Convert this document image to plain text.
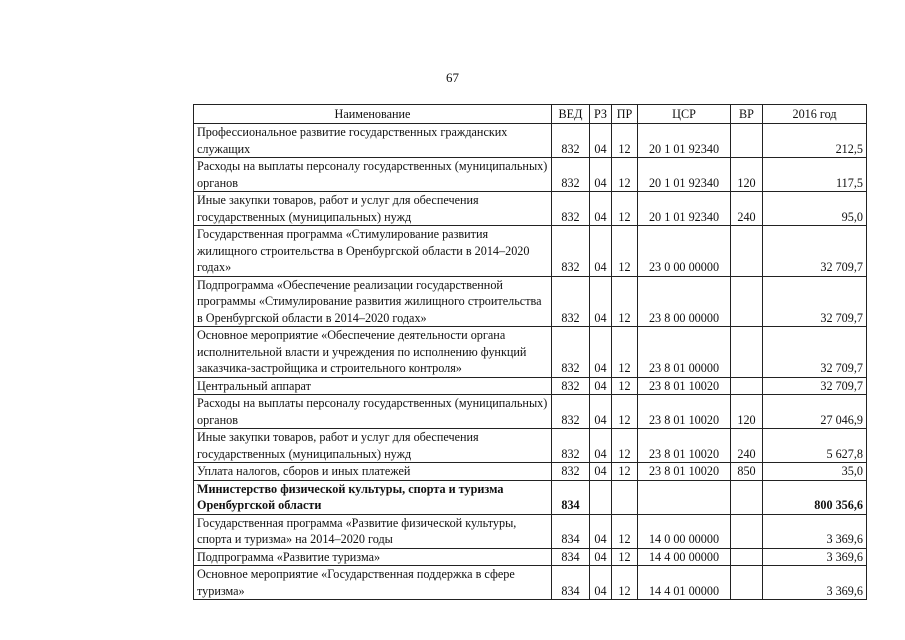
67
Наименование	ВЕД	РЗ	ПР	ЦСР	ВР	2016 год
Профессиональное развитие государственных гражданских служащих	832	04	12	20 1 01 92340		212,5
Расходы на выплаты персоналу государственных (муниципальных) органов	832	04	12	20 1 01 92340	120	117,5
Иные закупки товаров, работ и услуг для обеспечения государственных (муниципальных) нужд	832	04	12	20 1 01 92340	240	95,0
Государственная программа «Стимулирование развития жилищного строительства в Оренбургской области в 2014–2020 годах»	832	04	12	23 0 00 00000		32 709,7
Подпрограмма «Обеспечение реализации государственной программы «Стимулирование развития жилищного строительства в Оренбургской области в 2014–2020 годах»	832	04	12	23 8 00 00000		32 709,7
Основное мероприятие «Обеспечение деятельности органа исполнительной власти и учреждения по исполнению функций заказчика-застройщика и строительного контроля»	832	04	12	23 8 01 00000		32 709,7
Центральный аппарат	832	04	12	23 8 01 10020		32 709,7
Расходы на выплаты персоналу государственных (муниципальных) органов	832	04	12	23 8 01 10020	120	27 046,9
Иные закупки товаров, работ и услуг для обеспечения государственных (муниципальных) нужд	832	04	12	23 8 01 10020	240	5 627,8
Уплата налогов, сборов и иных платежей	832	04	12	23 8 01 10020	850	35,0
Министерство физической культуры, спорта и туризма Оренбургской области	834					800 356,6
Государственная программа «Развитие физической культуры, спорта и туризма» на 2014–2020 годы	834	04	12	14 0 00 00000		3 369,6
Подпрограмма «Развитие туризма»	834	04	12	14 4 00 00000		3 369,6
Основное мероприятие «Государственная поддержка в сфере туризма»	834	04	12	14 4 01 00000		3 369,6
